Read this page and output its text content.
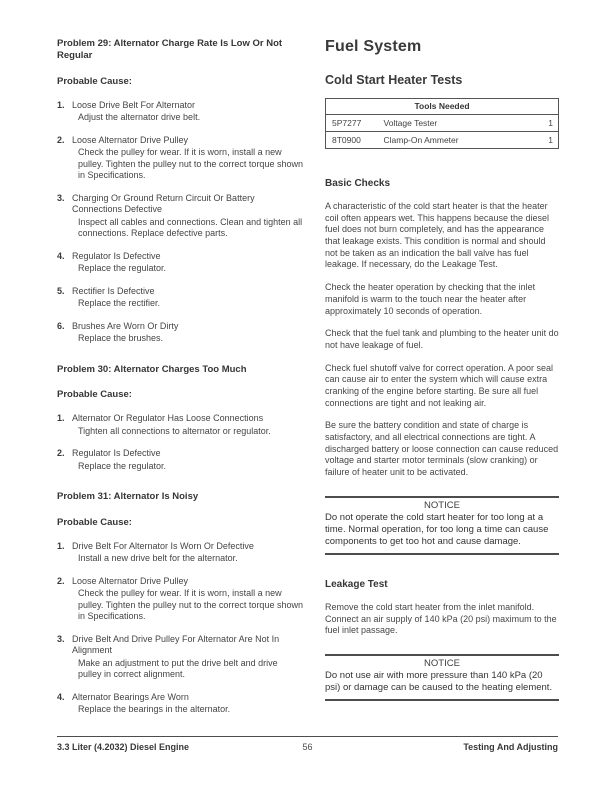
Problem 29: Alternator Charge Rate Is Low Or Not Regular
Probable Cause:
1. Loose Drive Belt For Alternator
Adjust the alternator drive belt.
2. Loose Alternator Drive Pulley
Check the pulley for wear. If it is worn, install a new pulley. Tighten the pulley nut to the correct torque shown in Specifications.
3. Charging Or Ground Return Circuit Or Battery Connections Defective
Inspect all cables and connections. Clean and tighten all connections. Replace defective parts.
4. Regulator Is Defective
Replace the regulator.
5. Rectifier Is Defective
Replace the rectifier.
6. Brushes Are Worn Or Dirty
Replace the brushes.
Problem 30: Alternator Charges Too Much
Probable Cause:
1. Alternator Or Regulator Has Loose Connections
Tighten all connections to alternator or regulator.
2. Regulator Is Defective
Replace the regulator.
Problem 31: Alternator Is Noisy
Probable Cause:
1. Drive Belt For Alternator Is Worn Or Defective
Install a new drive belt for the alternator.
2. Loose Alternator Drive Pulley
Check the pulley for wear. If it is worn, install a new pulley. Tighten the pulley nut to the correct torque shown in Specifications.
3. Drive Belt And Drive Pulley For Alternator Are Not In Alignment
Make an adjustment to put the drive belt and drive pulley in correct alignment.
4. Alternator Bearings Are Worn
Replace the bearings in the alternator.
Fuel System
Cold Start Heater Tests
Tools Needed		
5P7277	Voltage Tester	1
8T0900	Clamp-On Ammeter	1
Basic Checks

A characteristic of the cold start heater is that the heater coil often appears wet. This happens because the diesel fuel does not burn completely, and has the appearance that leakage exists. This condition is normal and should not be taken as an indication the ball valve has fuel leakage. If necessary, do the Leakage Test.

Check the heater operation by checking that the inlet manifold is warm to the touch near the heater after approximately 10 seconds of operation.

Check that the fuel tank and plumbing to the heater unit do not have leakage of fuel.

Check fuel shutoff valve for correct operation. A poor seal can cause air to enter the system which will cause extra cranking of the engine before starting. Be sure all fuel connections are tight and not leaking air.

Be sure the battery condition and state of charge is satisfactory, and all electrical connections are tight. A discharged battery or loose connection can cause reduced voltage and starter motor terminals (slow cranking) or failure of heater unit to be activated.

NOTICE
Do not operate the cold start heater for too long at a time. Normal operation, for too long a time can cause components to get too hot and cause damage.
Leakage Test

Remove the cold start heater from the inlet manifold. Connect an air supply of 140 kPa (20 psi) maximum to the fuel inlet passage.

NOTICE
Do not use air with more pressure than 140 kPa (20 psi) or damage can be caused to the heating element.
3.3 Liter (4.2032) Diesel Engine	56	Testing And Adjusting
